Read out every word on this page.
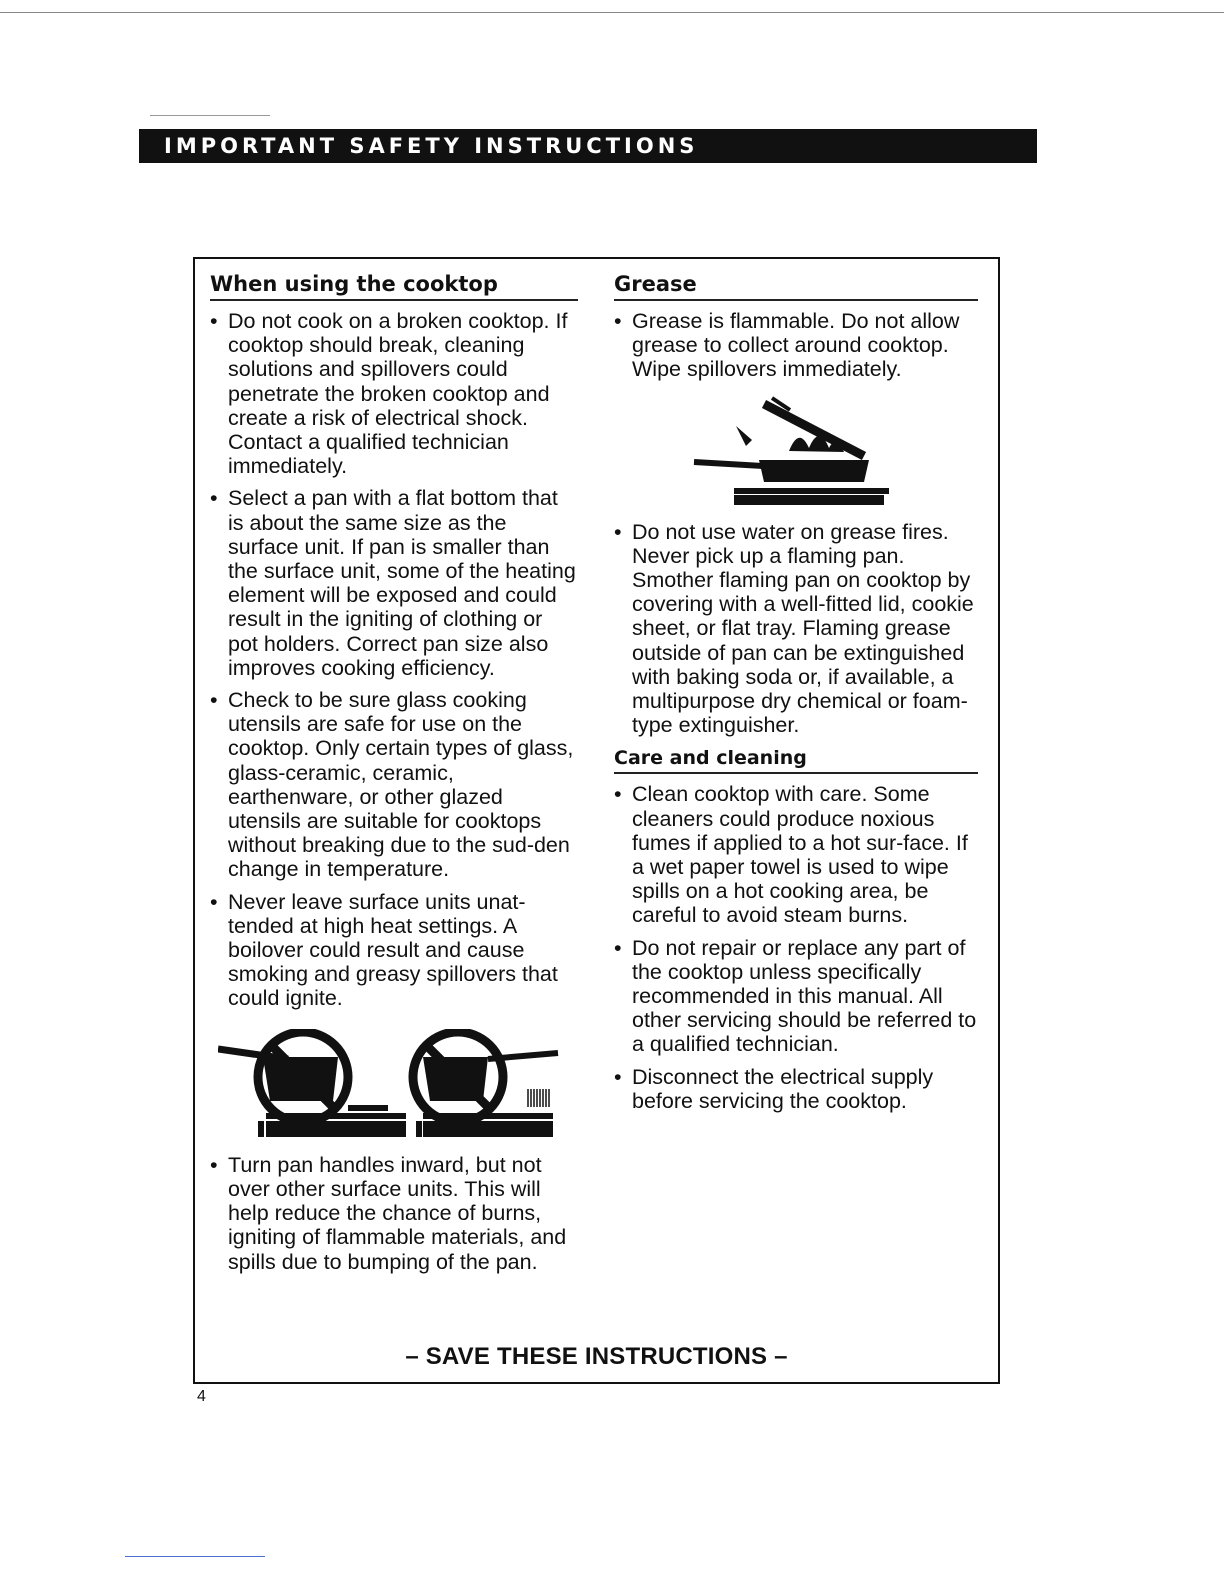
IMPORTANT SAFETY INSTRUCTIONS
When using the cooktop
• Do not cook on a broken cooktop. If cooktop should break, cleaning solutions and spillovers could penetrate the broken cooktop and create a risk of electrical shock. Contact a qualified technician immediately.
• Select a pan with a flat bottom that is about the same size as the surface unit. If pan is smaller than the surface unit, some of the heating element will be exposed and could result in the igniting of clothing or pot holders. Correct pan size also improves cooking efficiency.
• Check to be sure glass cooking utensils are safe for use on the cooktop. Only certain types of glass, glass-ceramic, ceramic, earthenware, or other glazed utensils are suitable for cooktops without breaking due to the sud-den change in temperature.
• Never leave surface units unat-tended at high heat settings. A boilover could result and cause smoking and greasy spillovers that could ignite.
• Turn pan handles inward, but not over other surface units. This will help reduce the chance of burns, igniting of flammable materials, and spills due to bumping of the pan.
Grease
• Grease is flammable. Do not allow grease to collect around cooktop. Wipe spillovers immediately.
• Do not use water on grease fires. Never pick up a flaming pan. Smother flaming pan on cooktop by covering with a well-fitted lid, cookie sheet, or flat tray. Flaming grease outside of pan can be extinguished with baking soda or, if available, a multipurpose dry chemical or foam-type extinguisher.
Care and cleaning
• Clean cooktop with care. Some cleaners could produce noxious fumes if applied to a hot sur-face. If a wet paper towel is used to wipe spills on a hot cooking area, be careful to avoid steam burns.
• Do not repair or replace any part of the cooktop unless specifically recommended in this manual. All other servicing should be referred to a qualified technician.
• Disconnect the electrical supply before servicing the cooktop.
– SAVE THESE INSTRUCTIONS –
4
